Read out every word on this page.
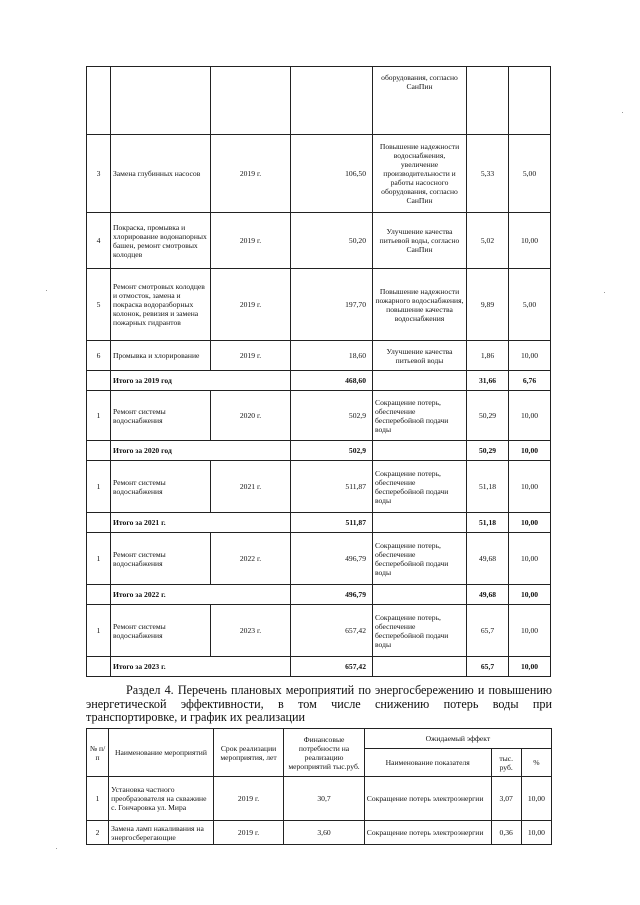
				оборудования, согласно СанПин		
3	Замена глубинных насосов	2019 г.	106,50	Повышение надежности водоснабжения, увеличение производительности и работы насосного оборудования, согласно СанПин	5,33	5,00
4	Покраска, промывка и хлорирование водонапорных башен, ремонт смотровых колодцев	2019 г.	50,20	Улучшение качества питьевой воды, согласно СанПин	5,02	10,00
5	Ремонт смотровых колодцев и отмосток, замена и покраска водоразборных колонок, ревизия и замена пожарных гидрантов	2019 г.	197,70	Повышение надежности пожарного водоснабжения, повышение качества водоснабжения	9,89	5,00
6	Промывка и хлорирование	2019 г.	18,60	Улучшение качества питьевой воды	1,86	10,00
	Итого за 2019 год		468,60		31,66	6,76
1	Ремонт системы водоснабжения	2020 г.	502,9	Сокращение потерь, обеспечение бесперебойной подачи воды	50,29	10,00
	Итого за 2020 год		502,9		50,29	10,00
1	Ремонт системы водоснабжения	2021 г.	511,87	Сокращение потерь, обеспечение бесперебойной подачи воды	51,18	10,00
	Итого за 2021 г.		511,87		51,18	10,00
1	Ремонт системы водоснабжения	2022 г.	496,79	Сокращение потерь, обеспечение бесперебойной подачи воды	49,68	10,00
	Итого за 2022 г.		496,79		49,68	10,00
1	Ремонт системы водоснабжения	2023 г.	657,42	Сокращение потерь, обеспечение бесперебойной подачи воды	65,7	10,00
	Итого за 2023 г.		657,42		65,7	10,00
Раздел 4. Перечень плановых мероприятий по энергосбережению и повышению энергетической эффективности, в том числе снижению потерь воды при транспортировке, и график их реализации
№ п/ п	Наименование мероприятий	Срок реализации мероприятия, лет	Финансовые потребности на реализацию мероприятий тыс.руб.	Ожидаемый эффект		
				Наименование показателя	тыс. руб.	%
1	Установка частного преобразователя на скважине с. Гончаровка ул. Мира	2019 г.	30,7	Сокращение потерь электроэнергии	3,07	10,00
2	Замена ламп накаливания на энергосберегающие	2019 г.	3,60	Сокращение потерь электроэнергии	0,36	10,00
